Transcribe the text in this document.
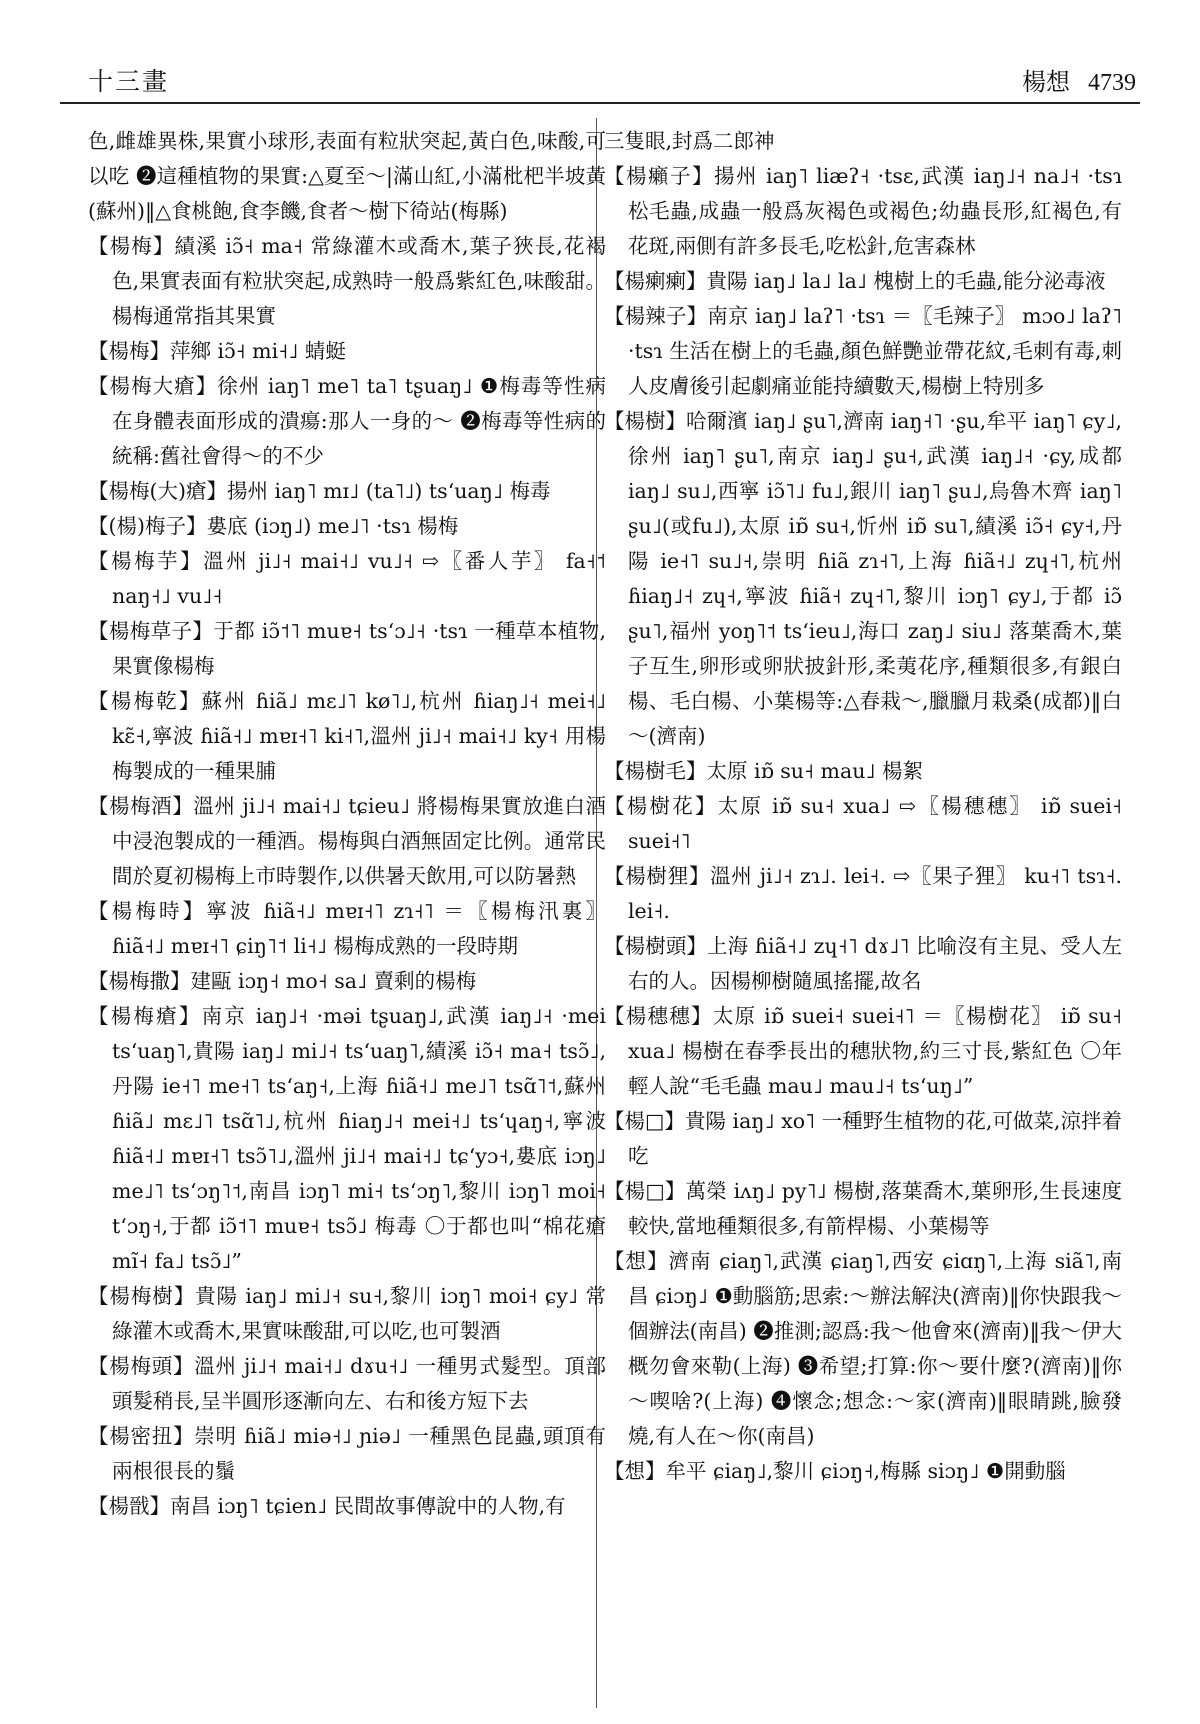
十三畫	楊想 4739

色,雌雄異株,果實小球形,表面有粒狀突起,黃白色,味酸,可以吃 ❷這種植物的果實:△夏至～|滿山紅,小滿枇杷半坡黃(蘇州)‖△食桃飽,食李饑,食者～樹下徛站(梅縣)

【楊梅】績溪 iɔ̃˧ ma˧ 常綠灌木或喬木,葉子狹長,花褐色,果實表面有粒狀突起,成熟時一般爲紫紅色,味酸甜。楊梅通常指其果實

【楊梅】萍鄉 iɔ̃˧ mi˧˩ 蜻蜓

【楊梅大瘡】徐州 iaŋ˥ me˥ ta˥ tʂuaŋ˩ ❶梅毒等性病在身體表面形成的潰瘍:那人一身的～ ❷梅毒等性病的統稱:舊社會得～的不少

【楊梅(大)瘡】揚州 iaŋ˥ mɪ˩ (ta˥˩) tsʻuaŋ˩ 梅毒

【(楊)梅子】婁底 (iɔŋ˩) me˩˥ ·tsɿ 楊梅

【楊梅芋】溫州 ji˩˧ mai˧˩ vu˩˧ ⇨〖番人芋〗 fa˧˦ naŋ˧˩ vu˩˧

【楊梅草子】于都 iɔ̃˦˥ muɐ˧ tsʻɔ˩˧ ·tsɿ 一種草本植物,果實像楊梅

【楊梅乾】蘇州 ɦiã˩ mɛ˩˥ kø˥˩,杭州 ɦiaŋ˩˧ mei˧˩ kɛ̃˧,寧波 ɦiã˧˩ mɐɪ˧˥ ki˧˥,溫州 ji˩˧ mai˧˩ ky˧ 用楊梅製成的一種果脯

【楊梅酒】溫州 ji˩˧ mai˧˩ tɕieu˩ 將楊梅果實放進白酒中浸泡製成的一種酒。楊梅與白酒無固定比例。通常民間於夏初楊梅上市時製作,以供暑天飲用,可以防暑熱

【楊梅時】寧波 ɦiã˧˩ mɐɪ˧˥ zɿ˧˥ ＝〖楊梅汛裏〗 ɦiã˧˩ mɐɪ˧˥ ɕiŋ˥˦ li˧˩ 楊梅成熟的一段時期

【楊梅撒】建甌 iɔŋ˧ mo˧ sa˩ 賣剩的楊梅

【楊梅瘡】南京 iaŋ˩˧ ·məi tʂuaŋ˩,武漢 iaŋ˩˧ ·mei tsʻuaŋ˥,貴陽 iaŋ˩ mi˩˧ tsʻuaŋ˥,績溪 iɔ̃˧ ma˧ tsɔ̃˩,丹陽 ie˧˥ me˧˥ tsʻaŋ˧,上海 ɦiã˧˩ me˩˥ tsɑ̃˥˦,蘇州 ɦiã˩ mɛ˩˥ tsɑ̃˥˩,杭州 ɦiaŋ˩˧ mei˧˩ tsʻɥaŋ˧,寧波 ɦiã˧˩ mɐɪ˧˥ tsɔ̃˥˩,溫州 ji˩˧ mai˧˩ tɕʻyɔ˧,婁底 iɔŋ˩ me˩˥ tsʻɔŋ˥˦,南昌 iɔŋ˥ mi˧ tsʻɔŋ˥,黎川 iɔŋ˥ moi˧ tʻɔŋ˧,于都 iɔ̃˦˥ muɐ˧ tsɔ̃˩ 梅毒 〇于都也叫“棉花瘡 mĩ˧ fa˩ tsɔ̃˩”

【楊梅樹】貴陽 iaŋ˩ mi˩˧ su˧,黎川 iɔŋ˥ moi˧ ɕy˩ 常綠灌木或喬木,果實味酸甜,可以吃,也可製酒

【楊梅頭】溫州 ji˩˧ mai˧˩ dɤu˧˩ 一種男式髮型。頂部頭髮稍長,呈半圓形逐漸向左、右和後方短下去

【楊密扭】崇明 ɦiã˩ miə˧˩ ɲiə˩ 一種黑色昆蟲,頭頂有兩根很長的鬚

【楊戩】南昌 iɔŋ˥ tɕien˩ 民間故事傳說中的人物,有

三隻眼,封爲二郎神

【楊癩子】揚州 iaŋ˥ liæʔ˧ ·tsɛ,武漢 iaŋ˩˧ na˩˧ ·tsɿ 松毛蟲,成蟲一般爲灰褐色或褐色;幼蟲長形,紅褐色,有花斑,兩側有許多長毛,吃松針,危害森林

【楊瘌瘌】貴陽 iaŋ˩ la˩ la˩ 槐樹上的毛蟲,能分泌毒液

【楊辣子】南京 iaŋ˩ laʔ˥ ·tsɿ ＝〖毛辣子〗 mɔo˩ laʔ˥ ·tsɿ 生活在樹上的毛蟲,顏色鮮艷並帶花紋,毛刺有毒,刺人皮膚後引起劇痛並能持續數天,楊樹上特別多

【楊樹】哈爾濱 iaŋ˩ ʂu˥,濟南 iaŋ˧˥ ·ʂu,牟平 iaŋ˥ ɕy˩,徐州 iaŋ˥ ʂu˥,南京 iaŋ˩ ʂu˧,武漢 iaŋ˩˧ ·ɕy,成都 iaŋ˩ su˩,西寧 iɔ̃˥˩ fu˩,銀川 iaŋ˥ ʂu˩,烏魯木齊 iaŋ˥ ʂu˩(或fu˩),太原 iɒ̃ su˧,忻州 iɒ̃ su˥,績溪 iɔ̃˧ ɕy˧,丹陽 ie˧˥ su˩˧,崇明 ɦiã zɿ˧˥,上海 ɦiã˧˩ zɥ˧˥,杭州 ɦiaŋ˩˧ zɥ˧,寧波 ɦiã˧ zɥ˧˥,黎川 iɔŋ˥ ɕy˩,于都 iɔ̃ ʂu˥,福州 yoŋ˥˦ tsʻieu˩,海口 zaŋ˩ siu˩ 落葉喬木,葉子互生,卵形或卵狀披針形,柔荑花序,種類很多,有銀白楊、毛白楊、小葉楊等:△春栽～,臘臘月栽桑(成都)‖白～(濟南)

【楊樹毛】太原 iɒ̃ su˧ mau˩ 楊絮

【楊樹花】太原 iɒ̃ su˧ xua˩ ⇨〖楊穗穗〗 iɒ̃ suei˧ suei˧˥

【楊樹狸】溫州 ji˩˧ zɿ˩. lei˧. ⇨〖果子狸〗 ku˧˥ tsɿ˧. lei˧.

【楊樹頭】上海 ɦiã˧˩ zɥ˧˥ dɤ˩˥ 比喻沒有主見、受人左右的人。因楊柳樹隨風搖擺,故名

【楊穗穗】太原 iɒ̃ suei˧ suei˧˥ ＝〖楊樹花〗 iɒ̃ su˧ xua˩ 楊樹在春季長出的穗狀物,約三寸長,紫紅色 〇年輕人說“毛毛蟲 mau˩ mau˩˧ tsʻuŋ˩”

【楊□】貴陽 iaŋ˩ xo˥ 一種野生植物的花,可做菜,涼拌着吃

【楊□】萬榮 iʌŋ˩ py˥˩ 楊樹,落葉喬木,葉卵形,生長速度較快,當地種類很多,有箭桿楊、小葉楊等

【想】濟南 ɕiaŋ˥,武漢 ɕiaŋ˥,西安 ɕiɑŋ˥,上海 siã˥,南昌 ɕiɔŋ˩ ❶動腦筋;思索:～辦法解決(濟南)‖你快跟我～個辦法(南昌) ❷推測;認爲:我～他會來(濟南)‖我～伊大概勿會來勒(上海) ❸希望;打算:你～要什麼?(濟南)‖你～喫啥?(上海) ❹懷念;想念:～家(濟南)‖眼睛跳,臉發燒,有人在～你(南昌)

【想】牟平 ɕiaŋ˩,黎川 ɕiɔŋ˧,梅縣 siɔŋ˩ ❶開動腦
